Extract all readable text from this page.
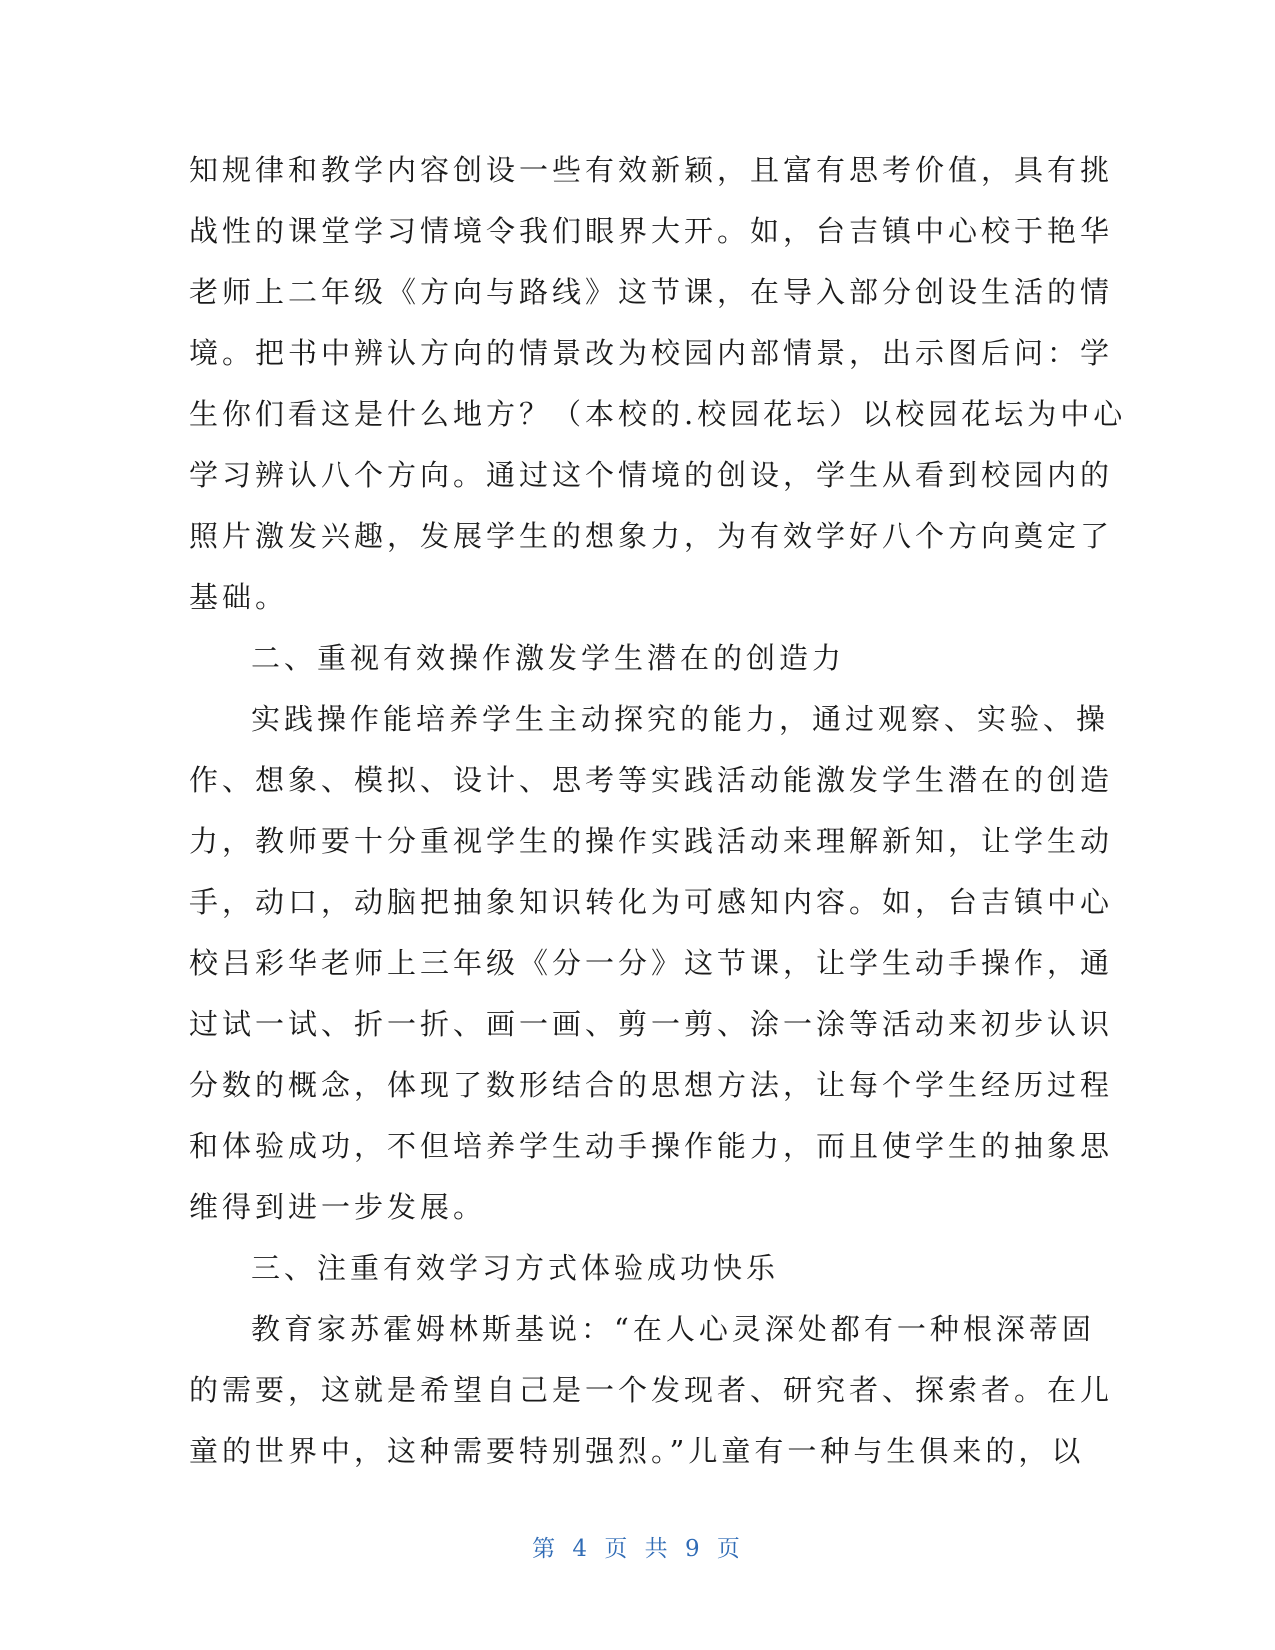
知规律和教学内容创设一些有效新颖，且富有思考价值，具有挑
战性的课堂学习情境令我们眼界大开。如，台吉镇中心校于艳华
老师上二年级《方向与路线》这节课，在导入部分创设生活的情
境。把书中辨认方向的情景改为校园内部情景，出示图后问：学
生你们看这是什么地方？（本校的.校园花坛）以校园花坛为中心
学习辨认八个方向。通过这个情境的创设，学生从看到校园内的
照片激发兴趣，发展学生的想象力，为有效学好八个方向奠定了
基础。
二、重视有效操作激发学生潜在的创造力
实践操作能培养学生主动探究的能力，通过观察、实验、操
作、想象、模拟、设计、思考等实践活动能激发学生潜在的创造
力，教师要十分重视学生的操作实践活动来理解新知，让学生动
手，动口，动脑把抽象知识转化为可感知内容。如，台吉镇中心
校吕彩华老师上三年级《分一分》这节课，让学生动手操作，通
过试一试、折一折、画一画、剪一剪、涂一涂等活动来初步认识
分数的概念，体现了数形结合的思想方法，让每个学生经历过程
和体验成功，不但培养学生动手操作能力，而且使学生的抽象思
维得到进一步发展。
三、注重有效学习方式体验成功快乐
教育家苏霍姆林斯基说：“在人心灵深处都有一种根深蒂固
的需要，这就是希望自己是一个发现者、研究者、探索者。在儿
童的世界中，这种需要特别强烈。”儿童有一种与生俱来的，以
第 4 页 共 9 页
